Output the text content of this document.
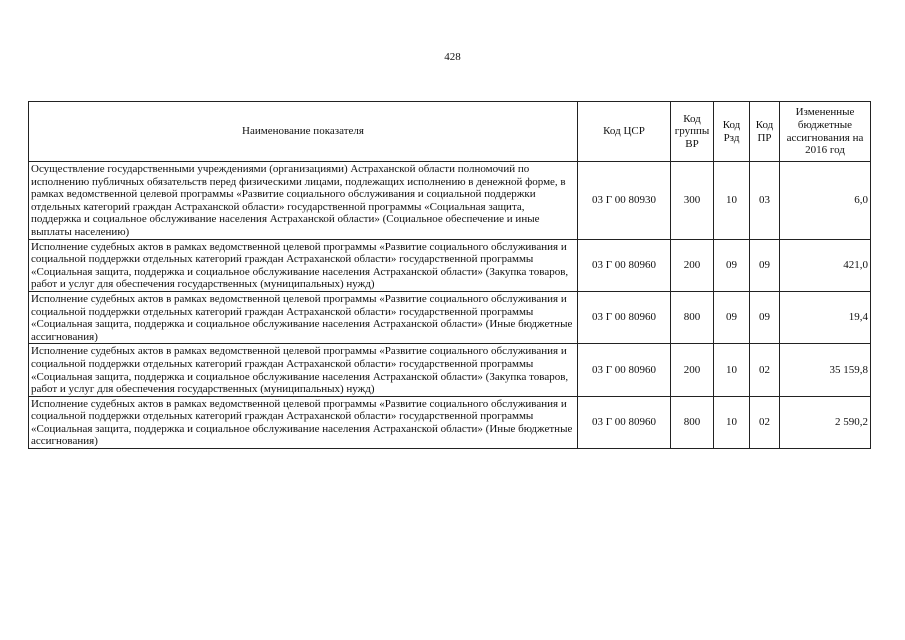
428
Наименование показателя	Код ЦСР	Код группы ВР	Код Рзд	Код ПР	Измененные бюджетные ассигнования на 2016 год
Осуществление государственными учреждениями (организациями) Астраханской области полномочий по исполнению публичных обязательств перед физическими лицами, подлежащих исполнению в денежной форме, в рамках ведомственной целевой программы «Развитие социального обслуживания и социальной поддержки отдельных категорий граждан Астраханской области» государственной программы «Социальная защита, поддержка и социальное обслуживание населения Астраханской области» (Социальное обеспечение и иные выплаты населению)	03 Г 00 80930	300	10	03	6,0
Исполнение судебных актов в рамках ведомственной целевой программы «Развитие социального обслуживания и социальной поддержки отдельных категорий граждан Астраханской области» государственной программы «Социальная защита, поддержка и социальное обслуживание населения Астраханской области» (Закупка товаров, работ и услуг для обеспечения государственных (муниципальных) нужд)	03 Г 00 80960	200	09	09	421,0
Исполнение судебных актов в рамках ведомственной целевой программы «Развитие социального обслуживания и социальной поддержки отдельных категорий граждан Астраханской области» государственной программы «Социальная защита, поддержка и социальное обслуживание населения Астраханской области» (Иные бюджетные ассигнования)	03 Г 00 80960	800	09	09	19,4
Исполнение судебных актов в рамках ведомственной целевой программы «Развитие социального обслуживания и социальной поддержки отдельных категорий граждан Астраханской области» государственной программы «Социальная защита, поддержка и социальное обслуживание населения Астраханской области» (Закупка товаров, работ и услуг для обеспечения государственных (муниципальных) нужд)	03 Г 00 80960	200	10	02	35 159,8
Исполнение судебных актов в рамках ведомственной целевой программы «Развитие социального обслуживания и социальной поддержки отдельных категорий граждан Астраханской области» государственной программы «Социальная защита, поддержка и социальное обслуживание населения Астраханской области» (Иные бюджетные ассигнования)	03 Г 00 80960	800	10	02	2 590,2
